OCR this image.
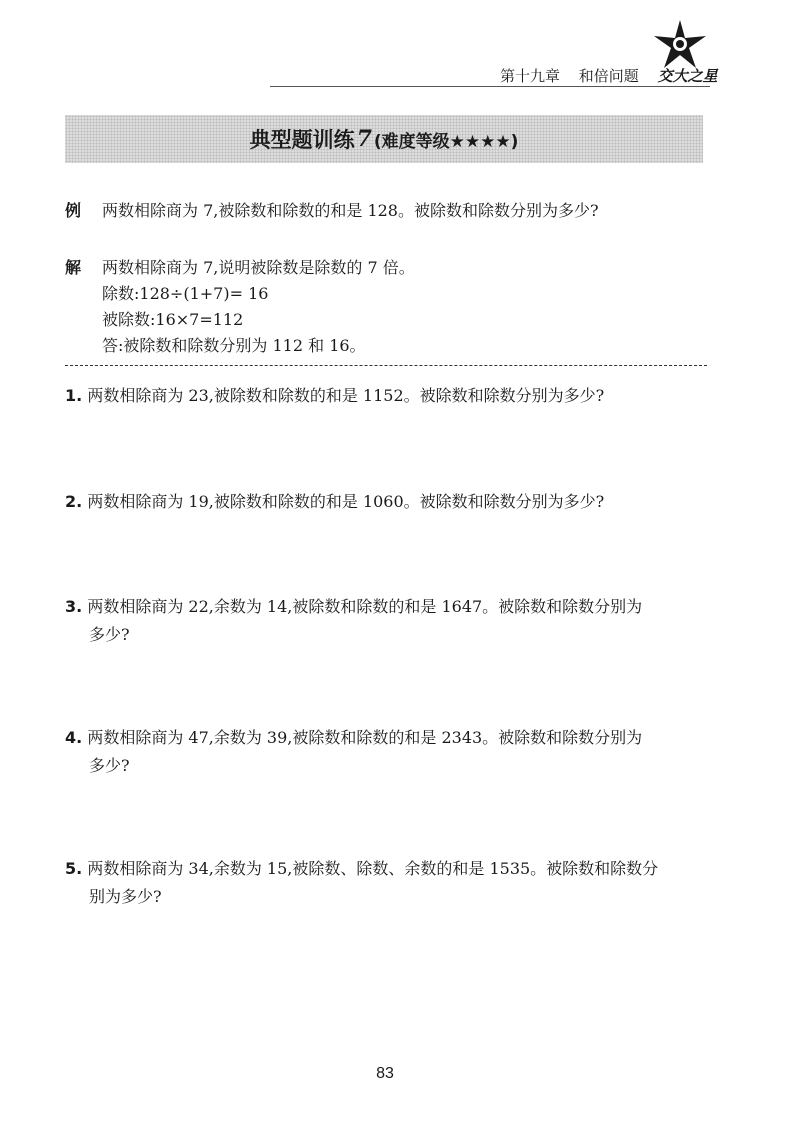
第十九章 和倍问题 交大之星
典型题训练 7 (难度等级★★★★)
例 两数相除商为 7,被除数和除数的和是 128。被除数和除数分别为多少?
解 两数相除商为 7,说明被除数是除数的 7 倍。
除数:128÷(1+7)= 16
被除数:16×7=112
答:被除数和除数分别为 112 和 16。
1. 两数相除商为 23,被除数和除数的和是 1152。被除数和除数分别为多少?
2. 两数相除商为 19,被除数和除数的和是 1060。被除数和除数分别为多少?
3. 两数相除商为 22,余数为 14,被除数和除数的和是 1647。被除数和除数分别为
多少?
4. 两数相除商为 47,余数为 39,被除数和除数的和是 2343。被除数和除数分别为
多少?
5. 两数相除商为 34,余数为 15,被除数、除数、余数的和是 1535。被除数和除数分
别为多少?
83
